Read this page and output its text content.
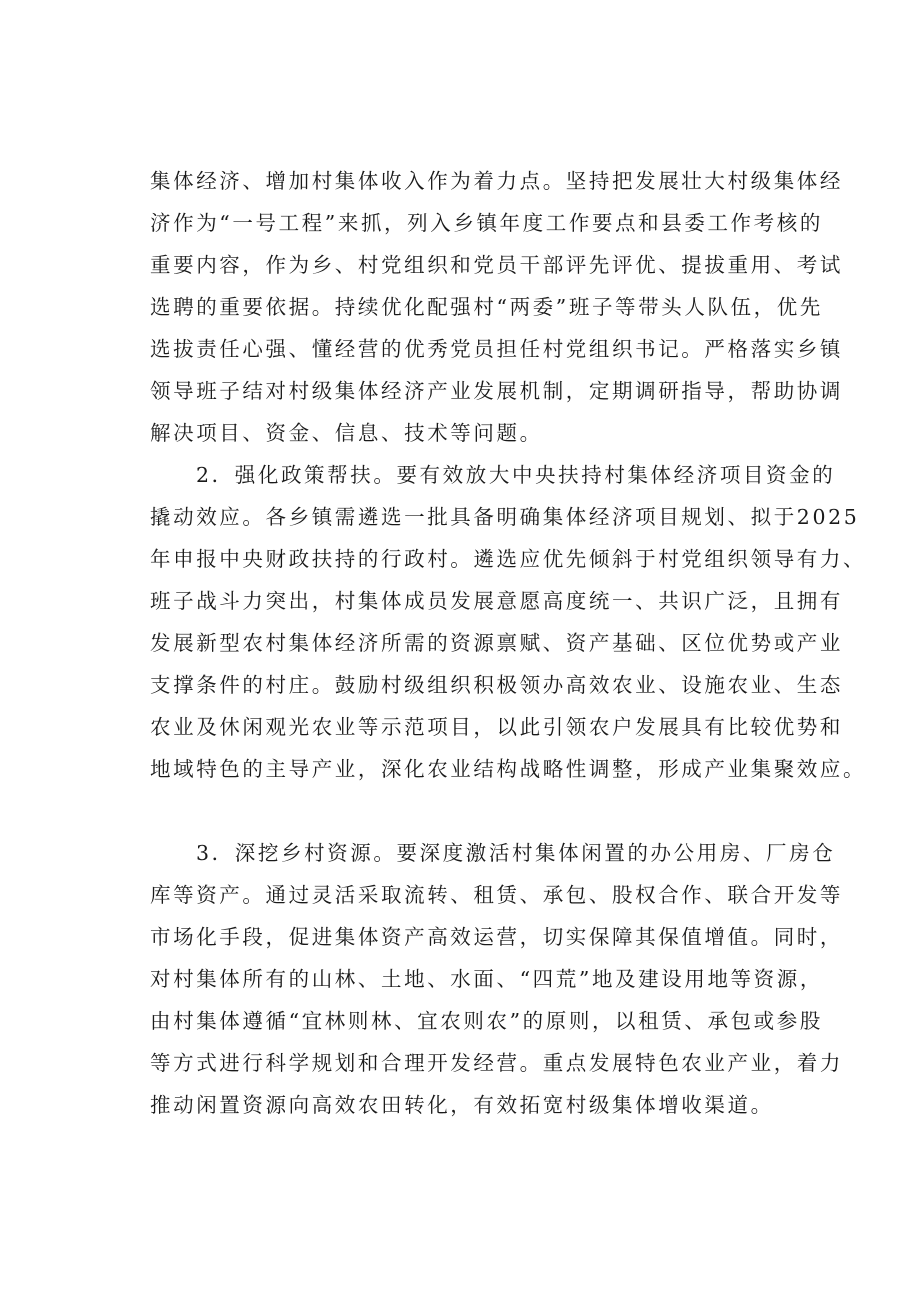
集体经济、增加村集体收入作为着力点。坚持把发展壮大村级集体经
济作为“一号工程”来抓，列入乡镇年度工作要点和县委工作考核的
重要内容，作为乡、村党组织和党员干部评先评优、提拔重用、考试
选聘的重要依据。持续优化配强村“两委”班子等带头人队伍，优先
选拔责任心强、懂经营的优秀党员担任村党组织书记。严格落实乡镇
领导班子结对村级集体经济产业发展机制，定期调研指导，帮助协调
解决项目、资金、信息、技术等问题。
2．强化政策帮扶。要有效放大中央扶持村集体经济项目资金的
撬动效应。各乡镇需遴选一批具备明确集体经济项目规划、拟于2025
年申报中央财政扶持的行政村。遴选应优先倾斜于村党组织领导有力、
班子战斗力突出，村集体成员发展意愿高度统一、共识广泛，且拥有
发展新型农村集体经济所需的资源禀赋、资产基础、区位优势或产业
支撑条件的村庄。鼓励村级组织积极领办高效农业、设施农业、生态
农业及休闲观光农业等示范项目，以此引领农户发展具有比较优势和
地域特色的主导产业，深化农业结构战略性调整，形成产业集聚效应。
3．深挖乡村资源。要深度激活村集体闲置的办公用房、厂房仓
库等资产。通过灵活采取流转、租赁、承包、股权合作、联合开发等
市场化手段，促进集体资产高效运营，切实保障其保值增值。同时，
对村集体所有的山林、土地、水面、“四荒”地及建设用地等资源，
由村集体遵循“宜林则林、宜农则农”的原则，以租赁、承包或参股
等方式进行科学规划和合理开发经营。重点发展特色农业产业，着力
推动闲置资源向高效农田转化，有效拓宽村级集体增收渠道。
